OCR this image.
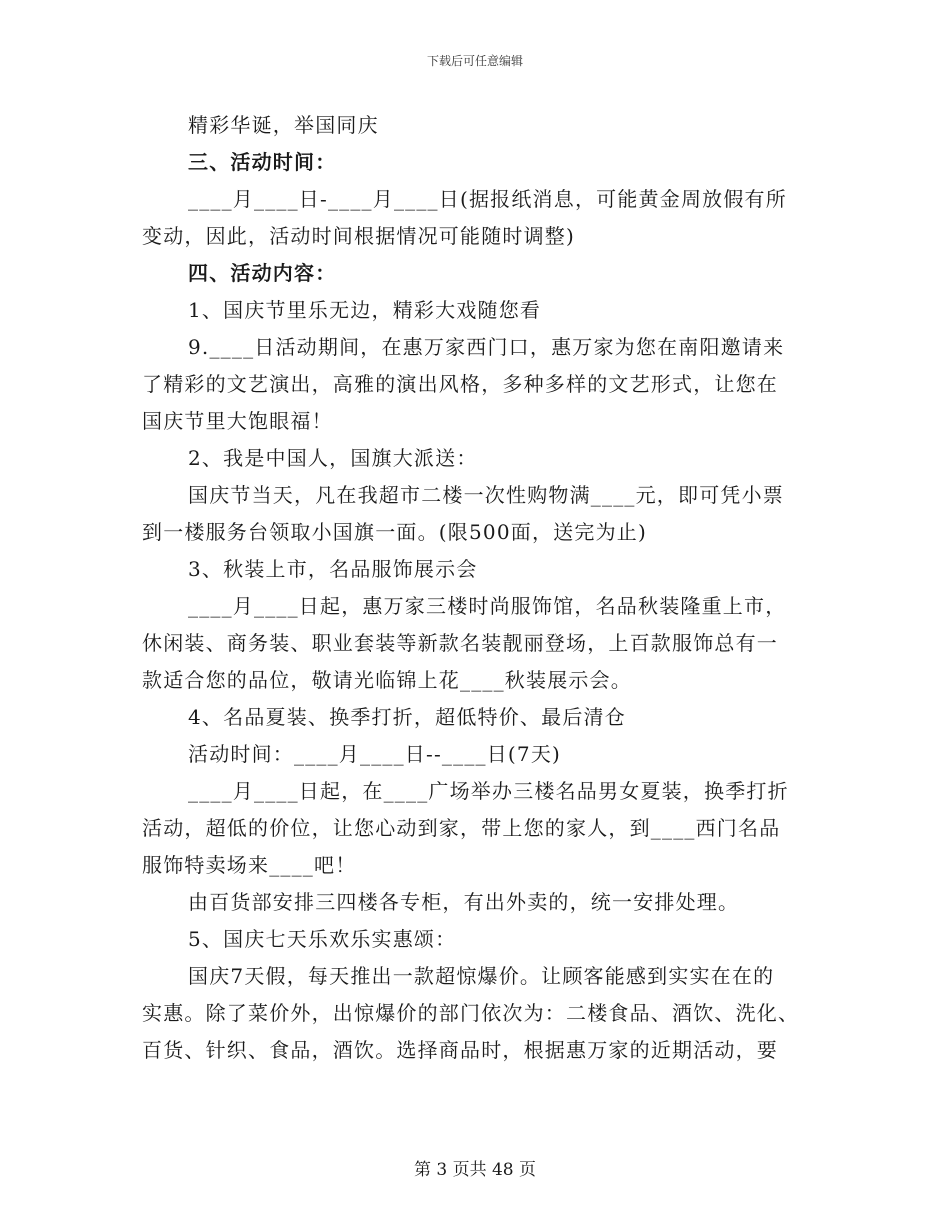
下载后可任意编辑
精彩华诞，举国同庆
三、活动时间：
____月____日-____月____日(据报纸消息，可能黄金周放假有所
变动，因此，活动时间根据情况可能随时调整)
四、活动内容：
1、国庆节里乐无边，精彩大戏随您看
9.____日活动期间，在惠万家西门口，惠万家为您在南阳邀请来
了精彩的文艺演出，高雅的演出风格，多种多样的文艺形式，让您在
国庆节里大饱眼福！
2、我是中国人，国旗大派送：
国庆节当天，凡在我超市二楼一次性购物满____元，即可凭小票
到一楼服务台领取小国旗一面。(限500面，送完为止)
3、秋装上市，名品服饰展示会
____月____日起，惠万家三楼时尚服饰馆，名品秋装隆重上市，
休闲装、商务装、职业套装等新款名装靓丽登场，上百款服饰总有一
款适合您的品位，敬请光临锦上花____秋装展示会。
4、名品夏装、换季打折，超低特价、最后清仓
活动时间：____月____日--____日(7天)
____月____日起，在____广场举办三楼名品男女夏装，换季打折
活动，超低的价位，让您心动到家，带上您的家人，到____西门名品
服饰特卖场来____吧！
由百货部安排三四楼各专柜，有出外卖的，统一安排处理。
5、国庆七天乐欢乐实惠颂：
国庆7天假，每天推出一款超惊爆价。让顾客能感到实实在在的
实惠。除了菜价外，出惊爆价的部门依次为：二楼食品、酒饮、洗化、
百货、针织、食品，酒饮。选择商品时，根据惠万家的近期活动，要
第 3 页共 48 页
